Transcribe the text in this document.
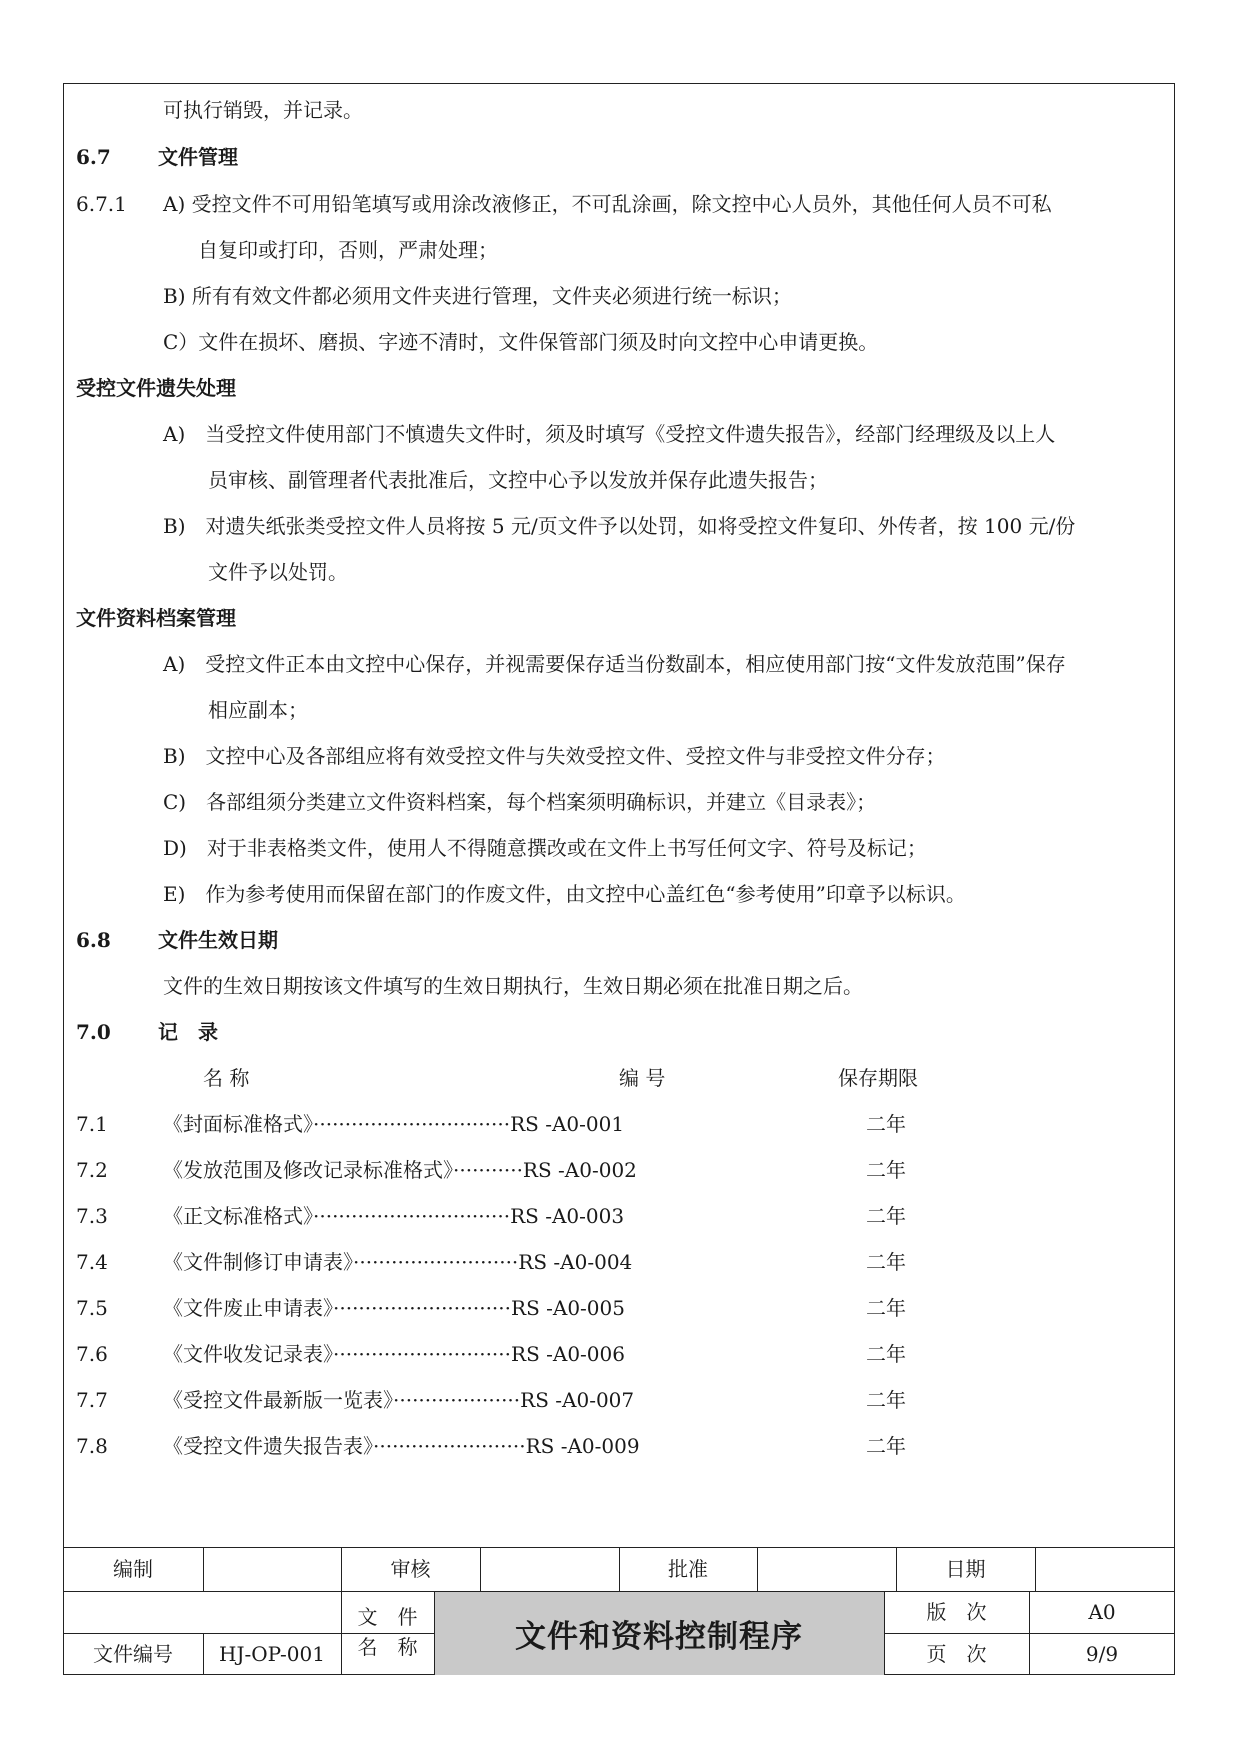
可执行销毁，并记录。
6.7 文件管理
6.7.1 A) 受控文件不可用铅笔填写或用涂改液修正，不可乱涂画，除文控中心人员外，其他任何人员不可私
自复印或打印，否则，严肃处理；
B) 所有有效文件都必须用文件夹进行管理，文件夹必须进行统一标识；
C）文件在损坏、磨损、字迹不清时，文件保管部门须及时向文控中心申请更换。
受控文件遗失处理
A)　当受控文件使用部门不慎遗失文件时，须及时填写《受控文件遗失报告》，经部门经理级及以上人
员审核、副管理者代表批准后，文控中心予以发放并保存此遗失报告；
B)　对遗失纸张类受控文件人员将按 5 元/页文件予以处罚，如将受控文件复印、外传者，按 100 元/份
文件予以处罚。
文件资料档案管理
A)　受控文件正本由文控中心保存，并视需要保存适当份数副本，相应使用部门按“文件发放范围”保存
相应副本；
B)　文控中心及各部组应将有效受控文件与失效受控文件、受控文件与非受控文件分存；
C)　各部组须分类建立文件资料档案，每个档案须明确标识，并建立《目录表》；
D)　对于非表格类文件，使用人不得随意撰改或在文件上书写任何文字、符号及标记；
E)　作为参考使用而保留在部门的作废文件，由文控中心盖红色“参考使用”印章予以标识。
6.8 文件生效日期
文件的生效日期按该文件填写的生效日期执行，生效日期必须在批准日期之后。
7.0 记　录
名 称	编 号	保存期限
7.1	《封面标准格式》·······························RS -A0-001	二年
7.2	《发放范围及修改记录标准格式》···········RS -A0-002	二年
7.3	《正文标准格式》·······························RS -A0-003	二年
7.4	《文件制修订申请表》··························RS -A0-004	二年
7.5	《文件废止申请表》····························RS -A0-005	二年
7.6	《文件收发记录表》····························RS -A0-006	二年
7.7	《受控文件最新版一览表》····················RS -A0-007	二年
7.8	《受控文件遗失报告表》························RS -A0-009	二年
文件和资料控制程序
编制	审核	批准	日期
文件编号	HJ-OP-001
文　件
名　称
版　次	A0
页　次	9/9
